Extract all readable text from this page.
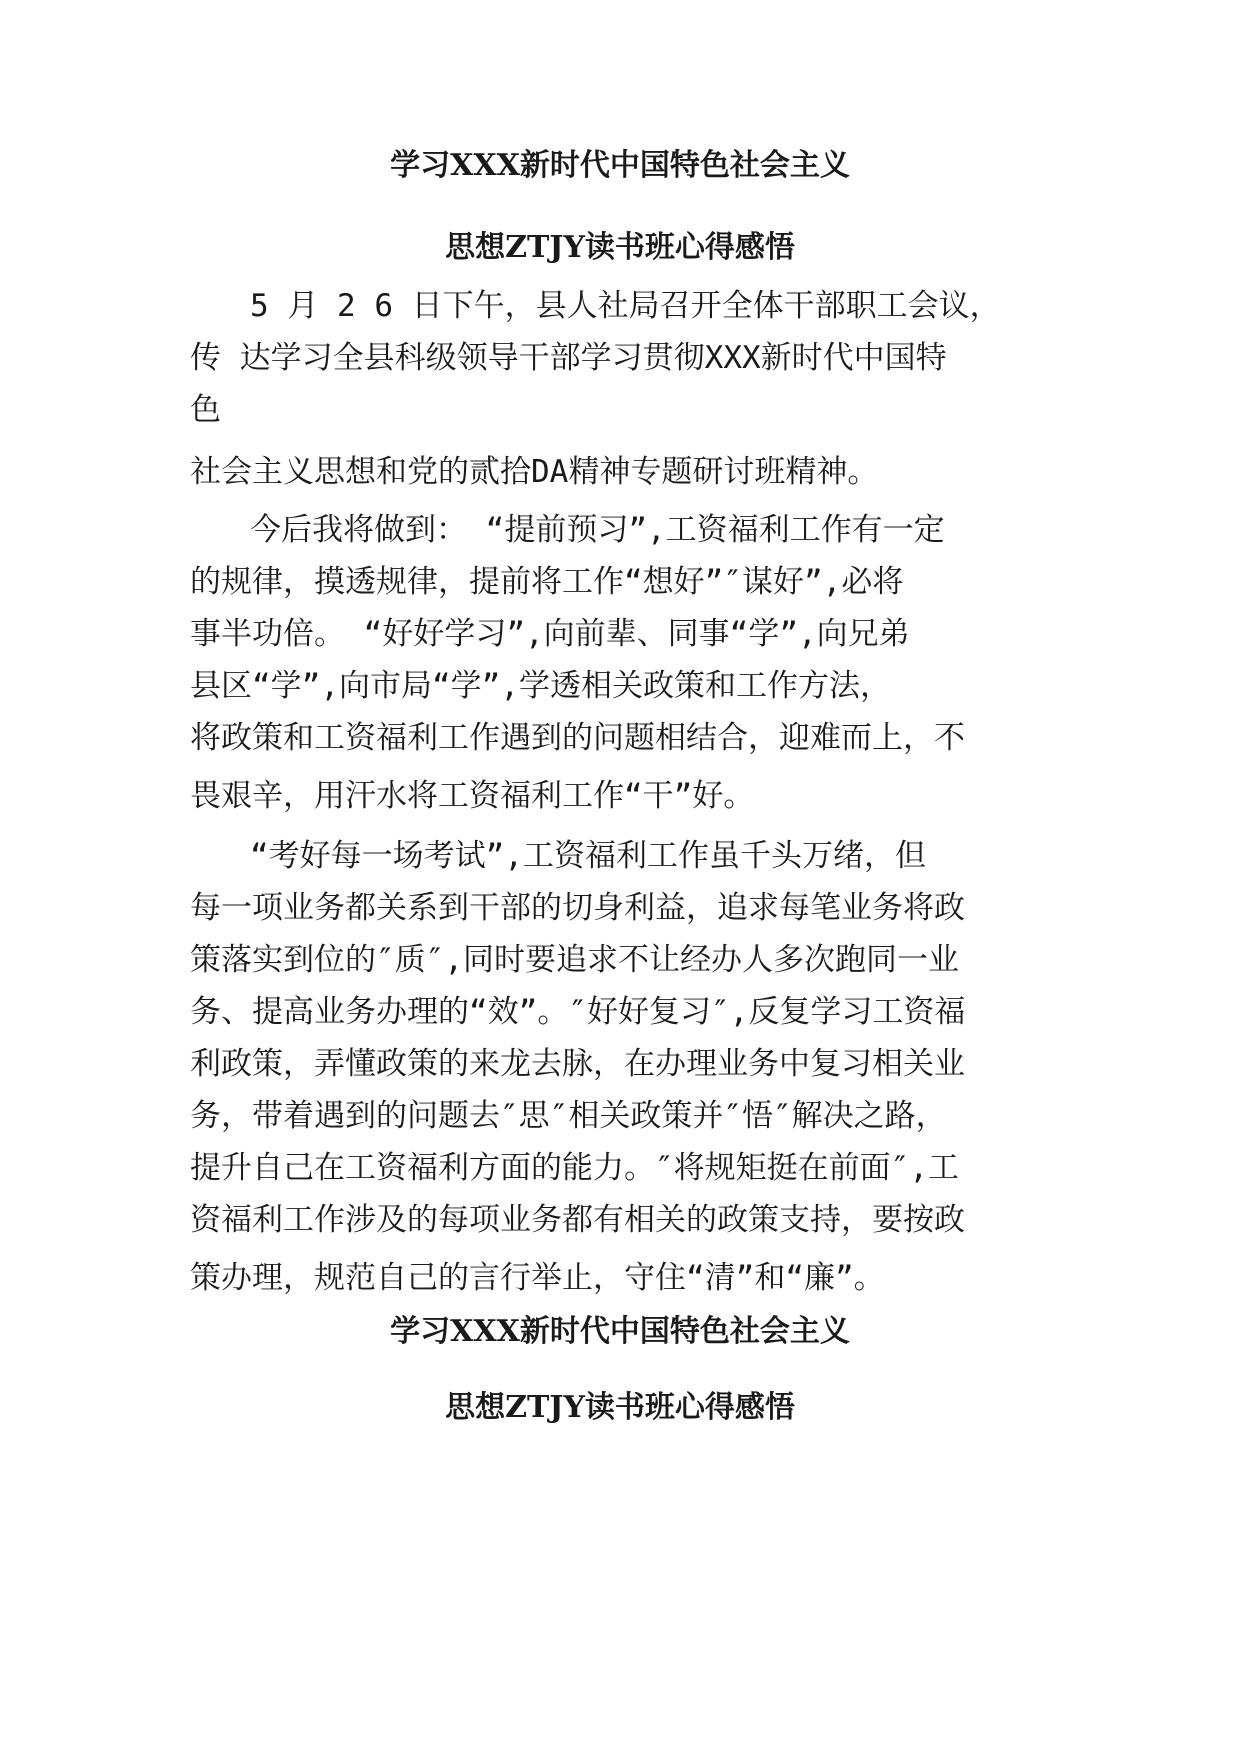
学习XXX新时代中国特色社会主义
思想ZTJY读书班心得感悟

5 月 2 6 日下午，县人社局召开全体干部职工会议，

传 达学习全县科级领导干部学习贯彻XXX新时代中国特

色

社会主义思想和党的贰拾DA精神专题研讨班精神。

今后我将做到： “提前预习”,工资福利工作有一定

的规律，摸透规律，提前将工作“想好”″谋好”,必将

事半功倍。 “好好学习”,向前辈、同事“学”,向兄弟

县区“学”,向市局“学”,学透相关政策和工作方法，

将政策和工资福利工作遇到的问题相结合，迎难而上，不

畏艰辛，用汗水将工资福利工作“干”好。

“考好每一场考试”,工资福利工作虽千头万绪，但

每一项业务都关系到干部的切身利益，追求每笔业务将政

策落实到位的″质″,同时要追求不让经办人多次跑同一业

务、提高业务办理的“效”。″好好复习″,反复学习工资福

利政策，弄懂政策的来龙去脉，在办理业务中复习相关业

务，带着遇到的问题去″思″相关政策并″悟″解决之路，

提升自己在工资福利方面的能力。″将规矩挺在前面″,工

资福利工作涉及的每项业务都有相关的政策支持，要按政

策办理，规范自己的言行举止，守住“清”和“廉”。

学习XXX新时代中国特色社会主义
思想ZTJY读书班心得感悟
